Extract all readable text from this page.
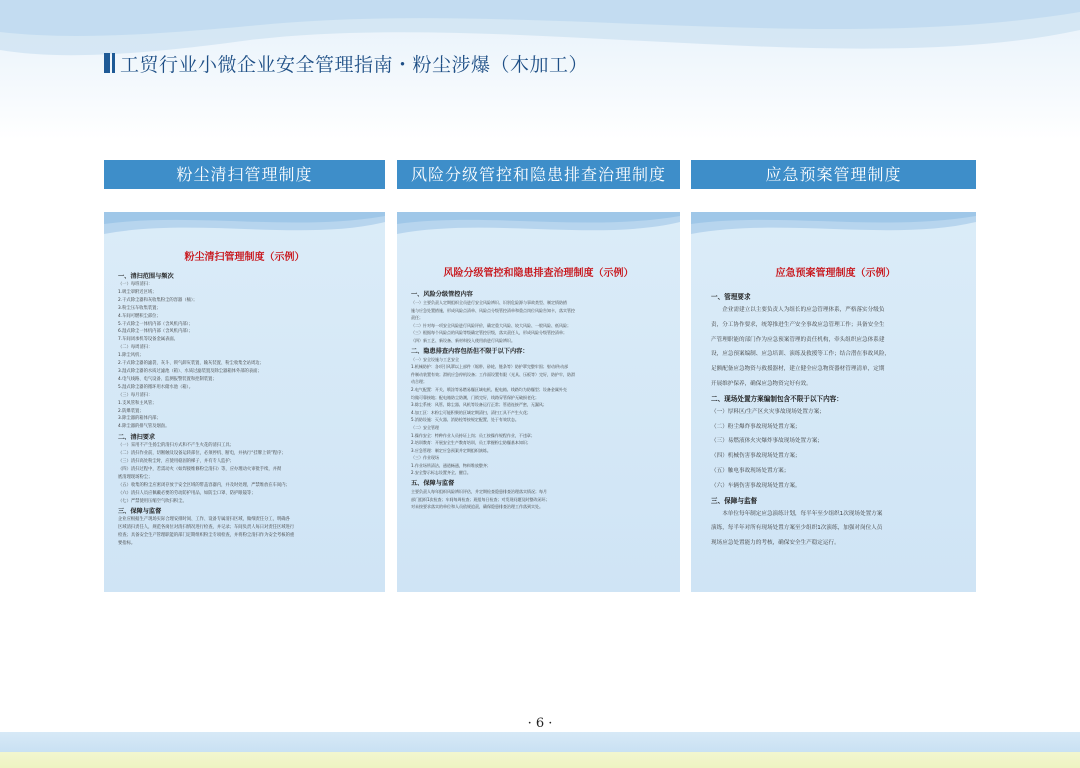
工贸行业小微企业安全管理指南・粉尘涉爆（木加工）
粉尘清扫管理制度	风险分级管控和隐患排查治理制度	应急预案管理制度
粉尘清扫管理制度（示例）
一、清扫范围与频次
（一）每班清扫：
1.吸尘罩附近区域；
2.干式除尘器和灰收集粉尘的容器（桶）；
3.粉尘压车收集装置；
4.车间可燃积尘部位；
5.干式除尘一体机内部（含风机内部）；
6.湿式除尘一体机内部（含风机内部）；
7.车间闭承机等设备金属表面。
（二）每周清扫：
1.除尘风机；
2.干式除尘器的滤袋、灰斗、锁气卸灰装置、输灰装置、粉尘收集全站周边；
3.湿式除尘器的水质过滤池（箱）、水质过滤装置及除尘器箱体外部的表面；
4.电气线路、电气设备、监测报警装置和控制装置；
5.湿式除尘器的循环用水储水池（箱）。
（三）每月清扫：
1.支风管和主风管；
2.防爆装置；
3.除尘器的箱体内部；
4.除尘器的排气管及烟囱。
二、清扫要求
（一）采用不产生扬尘的清扫方式和不产生火花的清扫工具；
（二）清扫作业前，切断触及设备运转部位，必须停机、断电，并执行“挂牌上锁”程序；
（三）清扫高处粉尘时，应使用稳固的梯子，并有专人监护；
（四）清扫过程中，若需动火（如焊接维修粉尘清扫）等，应办理动火审批手续，并彻
底清理现场粉尘；
（五）收集的粉尘应密闭存放于安全区域的带盖容器内，并及时处理，严禁堆放在车间内；
（六）清扫人员应佩戴必要的劳动防护用品，如防尘口罩、防护眼镜等；
（七）严禁使用压缩空气吹扫积尘。
三、保障与监督
企业应根据生产现场实际合理安排时间、工作、设备专属清扫区域，做细责任分工，明确各
区域清扫责任人，规范各岗位对清扫情况进行检查，并记录；车间负责人每日对责任区域进行
检查；具备安全生产管理职能的部门定期组织粉尘专项检查，并将粉尘清扫作为安全考核的重
要指标。
风险分级管控和隐患排查治理制度（示例）
一、风险分级管控内容
（一）主要负责人定期组织全员进行安全风险辨识、识别危险源与事故类型、制定情防措
施与应急处置措施，形成风险点清单、风险点分级管控清单和重点岗位风险告知卡，落实管控
责任；
（二）针对每一项安全风险进行风险评价，确定重大风险、较大风险、一般风险、低风险；
（三）根据每个风险点的风险等级确定管控层级，落实责任人，形成风险分级管控清单；
（四）新工艺、新设备、新材料投入使用前进行风险辨识。
二、隐患排查内容包括但不限于以下内容：
（一）安全设施与工艺安全
1.机械防护：各项引风罩以上部件（锯带、砂轮、链条等）防护罩完整牢固；射动/传动部
件制动装置有效；滑机应急停机设备；工作面设置有限（光具、压板等）完好，防护牢，防滑
动合理；
2.电气配置：开关、喷涂等易燃易爆区域电机、配电箱、线路均为防爆型；设备金属外壳
均做可靠接地；配电箱防尘防潮，门锁完好，线路穿管保护无破损老化；
3.除尘系统：风管、除尘器、风机等设备运行正常；管道连接严密，无漏风；
4.加工区：木粉尘可能积聚的区域定期清扫，清扫工具不产生火花；
5.消防设施：灭火器、消防栓等按规定配置，处于有效状态。
（二）安全管理
1.操作安全：特种作业人员持证上岗；员工按操作规程作业，不违章；
2.培训教育：开展安全生产教育培训，员工掌握粉尘防爆基本知识；
3.应急管理：制定应急预案并定期组织演练。
（三）作业现场
1.作业场所清洁、通道畅通，物料堆放整齐；
2.安全警示标志设置齐全、醒目。
五、保障与监督
主要负责人每年组织风险辨识评估，并定期检查隐患排查治理落实情况；每月
部门组织1次检查；车间每周检查；班组每日检查；对发现问题及时整改闭环；
对未按要求落实的单位和人员依规追责，确保隐患排查治理工作落到实处。
应急预案管理制度（示例）
一、管理要求
　　企业需建立以主要负责人为组长的应急管理体系，严格落实分级负
责，分工协作要求，统筹推进生产安全事故应急管理工作；具备安全生
产管理职能的部门作为应急预案管理的责任机构，牵头组织应急体系建
设，应急预案编制、应急培训、演练及救援等工作；结合潜在事故风险，
足额配备应急物资与救援器材，建立健全应急物资器材管理清单，定期
开展维护保养，确保应急物资完好有效。
二、现场处置方案编制包含不限于以下内容：
（一）厚料区/生产区火灾事故现场处置方案；
（二）粉尘爆炸事故现场处置方案；
（三）易燃液体火灾爆炸事故现场处置方案；
（四）机械伤害事故现场处置方案；
（五）触电事故现场处置方案；
（六）车辆伤害事故现场处置方案。
三、保障与监督
　　本单位每年制定应急演练计划，每半年至少组织1次现场处置方案
演练，每半年对所有现场处置方案至少组织1次演练，加强对岗位人员
现场应急处置能力的考核，确保安全生产稳定运行。
· 6 ·
